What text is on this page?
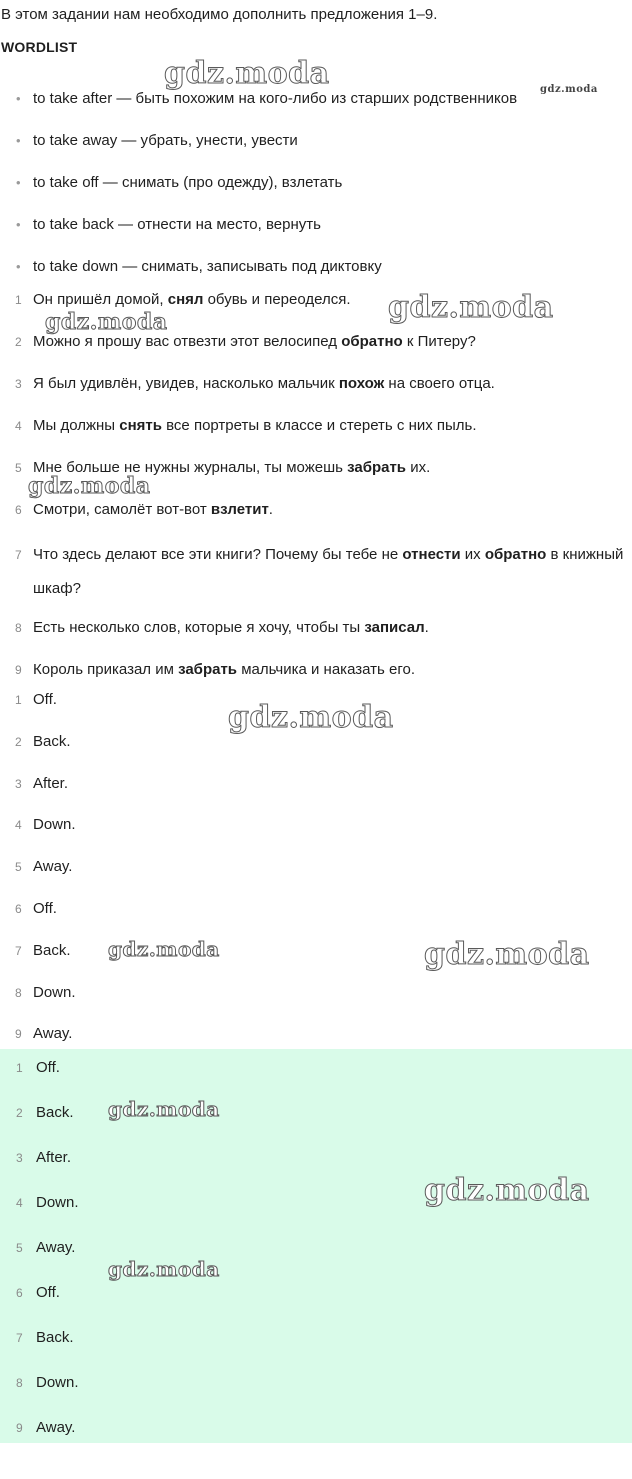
В этом задании нам необходимо дополнить предложения 1–9.
WORDLIST
• to take after — быть похожим на кого-либо из старших родственников
• to take away — убрать, унести, увести
• to take off — снимать (про одежду), взлетать
• to take back — отнести на место, вернуть
• to take down — снимать, записывать под диктовку
1 Он пришёл домой, снял обувь и переоделся.
2 Можно я прошу вас отвезти этот велосипед обратно к Питеру?
3 Я был удивлён, увидев, насколько мальчик похож на своего отца.
4 Мы должны снять все портреты в классе и стереть с них пыль.
5 Мне больше не нужны журналы, ты можешь забрать их.
6 Смотри, самолёт вот-вот взлетит.
7 Что здесь делают все эти книги? Почему бы тебе не отнести их обратно в книжный шкаф?
8 Есть несколько слов, которые я хочу, чтобы ты записал.
9 Король приказал им забрать мальчика и наказать его.
1 Off.
2 Back.
3 After.
4 Down.
5 Away.
6 Off.
7 Back.
8 Down.
9 Away.
1 Off.
2 Back.
3 After.
4 Down.
5 Away.
6 Off.
7 Back.
8 Down.
9 Away.
gdz.moda	gdz.moda
gdz.moda
gdz.moda
gdz.moda
gdz.moda
gdz.moda	gdz.moda
gdz.moda
gdz.moda
gdz.moda
